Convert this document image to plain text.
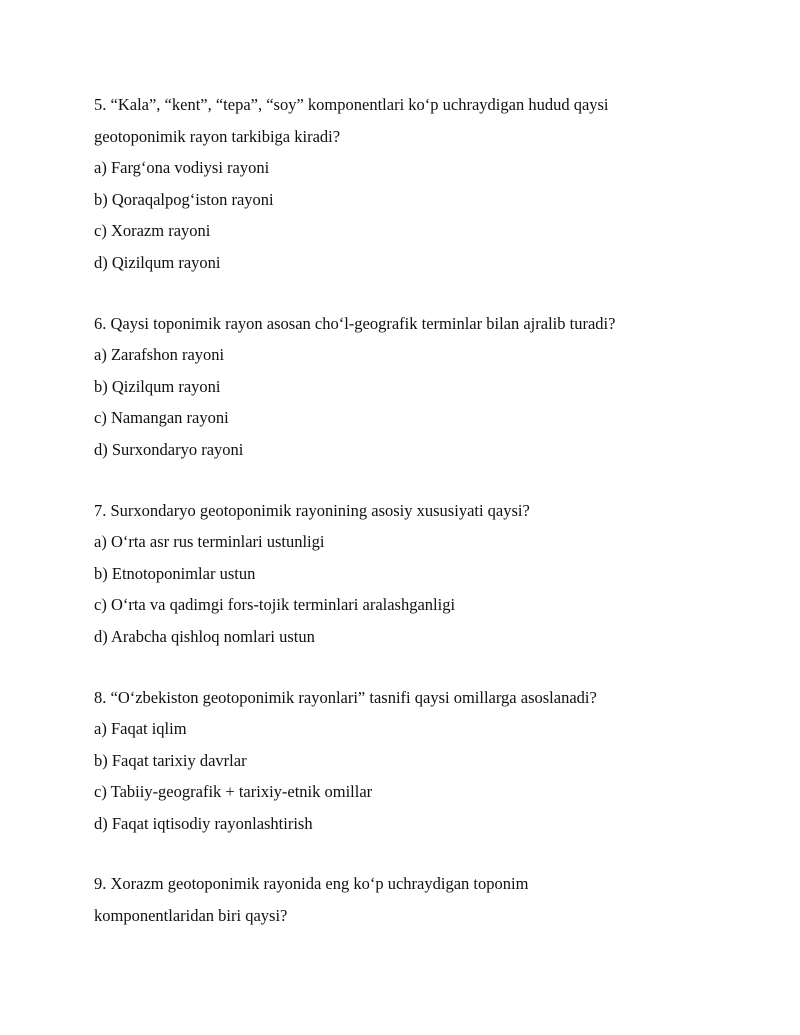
5. “Kala”, “kent”, “tepa”, “soy” komponentlari ko‘p uchraydigan hudud qaysi
geotoponimik rayon tarkibiga kiradi?
a) Farg‘ona vodiysi rayoni
b) Qoraqalpog‘iston rayoni
c) Xorazm rayoni
d) Qizilqum rayoni
6. Qaysi toponimik rayon asosan cho‘l-geografik terminlar bilan ajralib turadi?
a) Zarafshon rayoni
b) Qizilqum rayoni
c) Namangan rayoni
d) Surxondaryo rayoni
7. Surxondaryo geotoponimik rayonining asosiy xususiyati qaysi?
a) O‘rta asr rus terminlari ustunligi
b) Etnotoponimlar ustun
c) O‘rta va qadimgi fors-tojik terminlari aralashganligi
d) Arabcha qishloq nomlari ustun
8. “O‘zbekiston geotoponimik rayonlari” tasnifi qaysi omillarga asoslanadi?
a) Faqat iqlim
b) Faqat tarixiy davrlar
c) Tabiiy-geografik + tarixiy-etnik omillar
d) Faqat iqtisodiy rayonlashtirish
9. Xorazm geotoponimik rayonida eng ko‘p uchraydigan toponim
komponentlaridan biri qaysi?
